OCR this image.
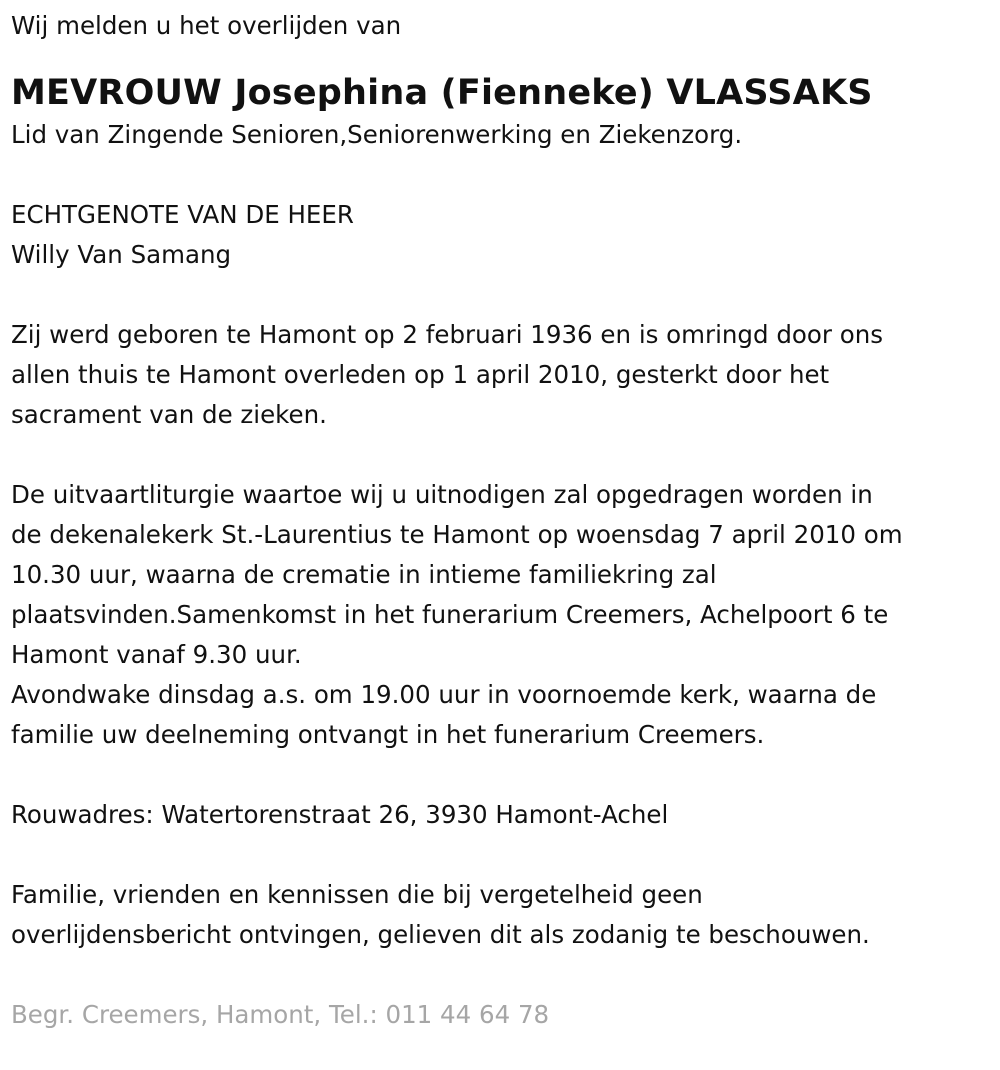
Wij melden u het overlijden van

MEVROUW Josephina (Fienneke) VLASSAKS

Lid van Zingende Senioren,Seniorenwerking en Ziekenzorg.

ECHTGENOTE VAN DE HEER

Willy Van Samang

Zij werd geboren te Hamont op 2 februari 1936 en is omringd door ons

allen thuis te Hamont overleden op 1 april 2010, gesterkt door het

sacrament van de zieken.

De uitvaartliturgie waartoe wij u uitnodigen zal opgedragen worden in

de dekenalekerk St.-Laurentius te Hamont op woensdag 7 april 2010 om

10.30 uur, waarna de crematie in intieme familiekring zal

plaatsvinden.Samenkomst in het funerarium Creemers, Achelpoort 6 te

Hamont vanaf 9.30 uur.

Avondwake dinsdag a.s. om 19.00 uur in voornoemde kerk, waarna de

familie uw deelneming ontvangt in het funerarium Creemers.

Rouwadres: Watertorenstraat 26, 3930 Hamont-Achel

Familie, vrienden en kennissen die bij vergetelheid geen

overlijdensbericht ontvingen, gelieven dit als zodanig te beschouwen.

Begr. Creemers, Hamont, Tel.: 011 44 64 78
